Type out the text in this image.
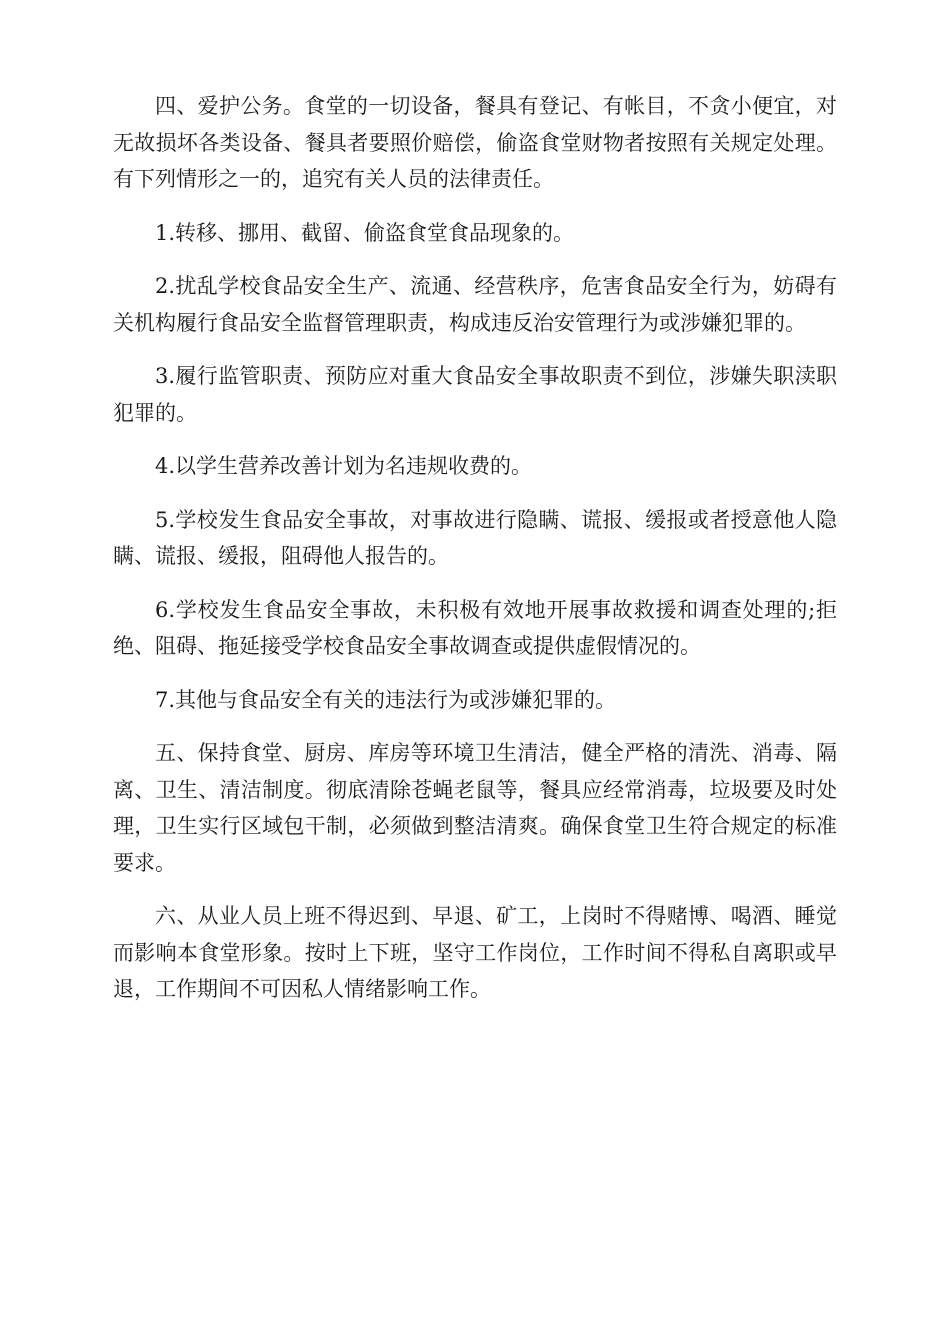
四、爱护公务。食堂的一切设备，餐具有登记、有帐目，不贪小便宜，对无故损坏各类设备、餐具者要照价赔偿，偷盗食堂财物者按照有关规定处理。有下列情形之一的，追究有关人员的法律责任。

1.转移、挪用、截留、偷盗食堂食品现象的。

2.扰乱学校食品安全生产、流通、经营秩序，危害食品安全行为，妨碍有关机构履行食品安全监督管理职责，构成违反治安管理行为或涉嫌犯罪的。

3.履行监管职责、预防应对重大食品安全事故职责不到位，涉嫌失职渎职犯罪的。

4.以学生营养改善计划为名违规收费的。

5.学校发生食品安全事故，对事故进行隐瞒、谎报、缓报或者授意他人隐瞒、谎报、缓报，阻碍他人报告的。

6.学校发生食品安全事故，未积极有效地开展事故救援和调查处理的;拒绝、阻碍、拖延接受学校食品安全事故调查或提供虚假情况的。

7.其他与食品安全有关的违法行为或涉嫌犯罪的。

五、保持食堂、厨房、库房等环境卫生清洁，健全严格的清洗、消毒、隔离、卫生、清洁制度。彻底清除苍蝇老鼠等，餐具应经常消毒，垃圾要及时处理，卫生实行区域包干制，必须做到整洁清爽。确保食堂卫生符合规定的标准要求。

六、从业人员上班不得迟到、早退、矿工，上岗时不得赌博、喝酒、睡觉而影响本食堂形象。按时上下班，坚守工作岗位，工作时间不得私自离职或早退，工作期间不可因私人情绪影响工作。
